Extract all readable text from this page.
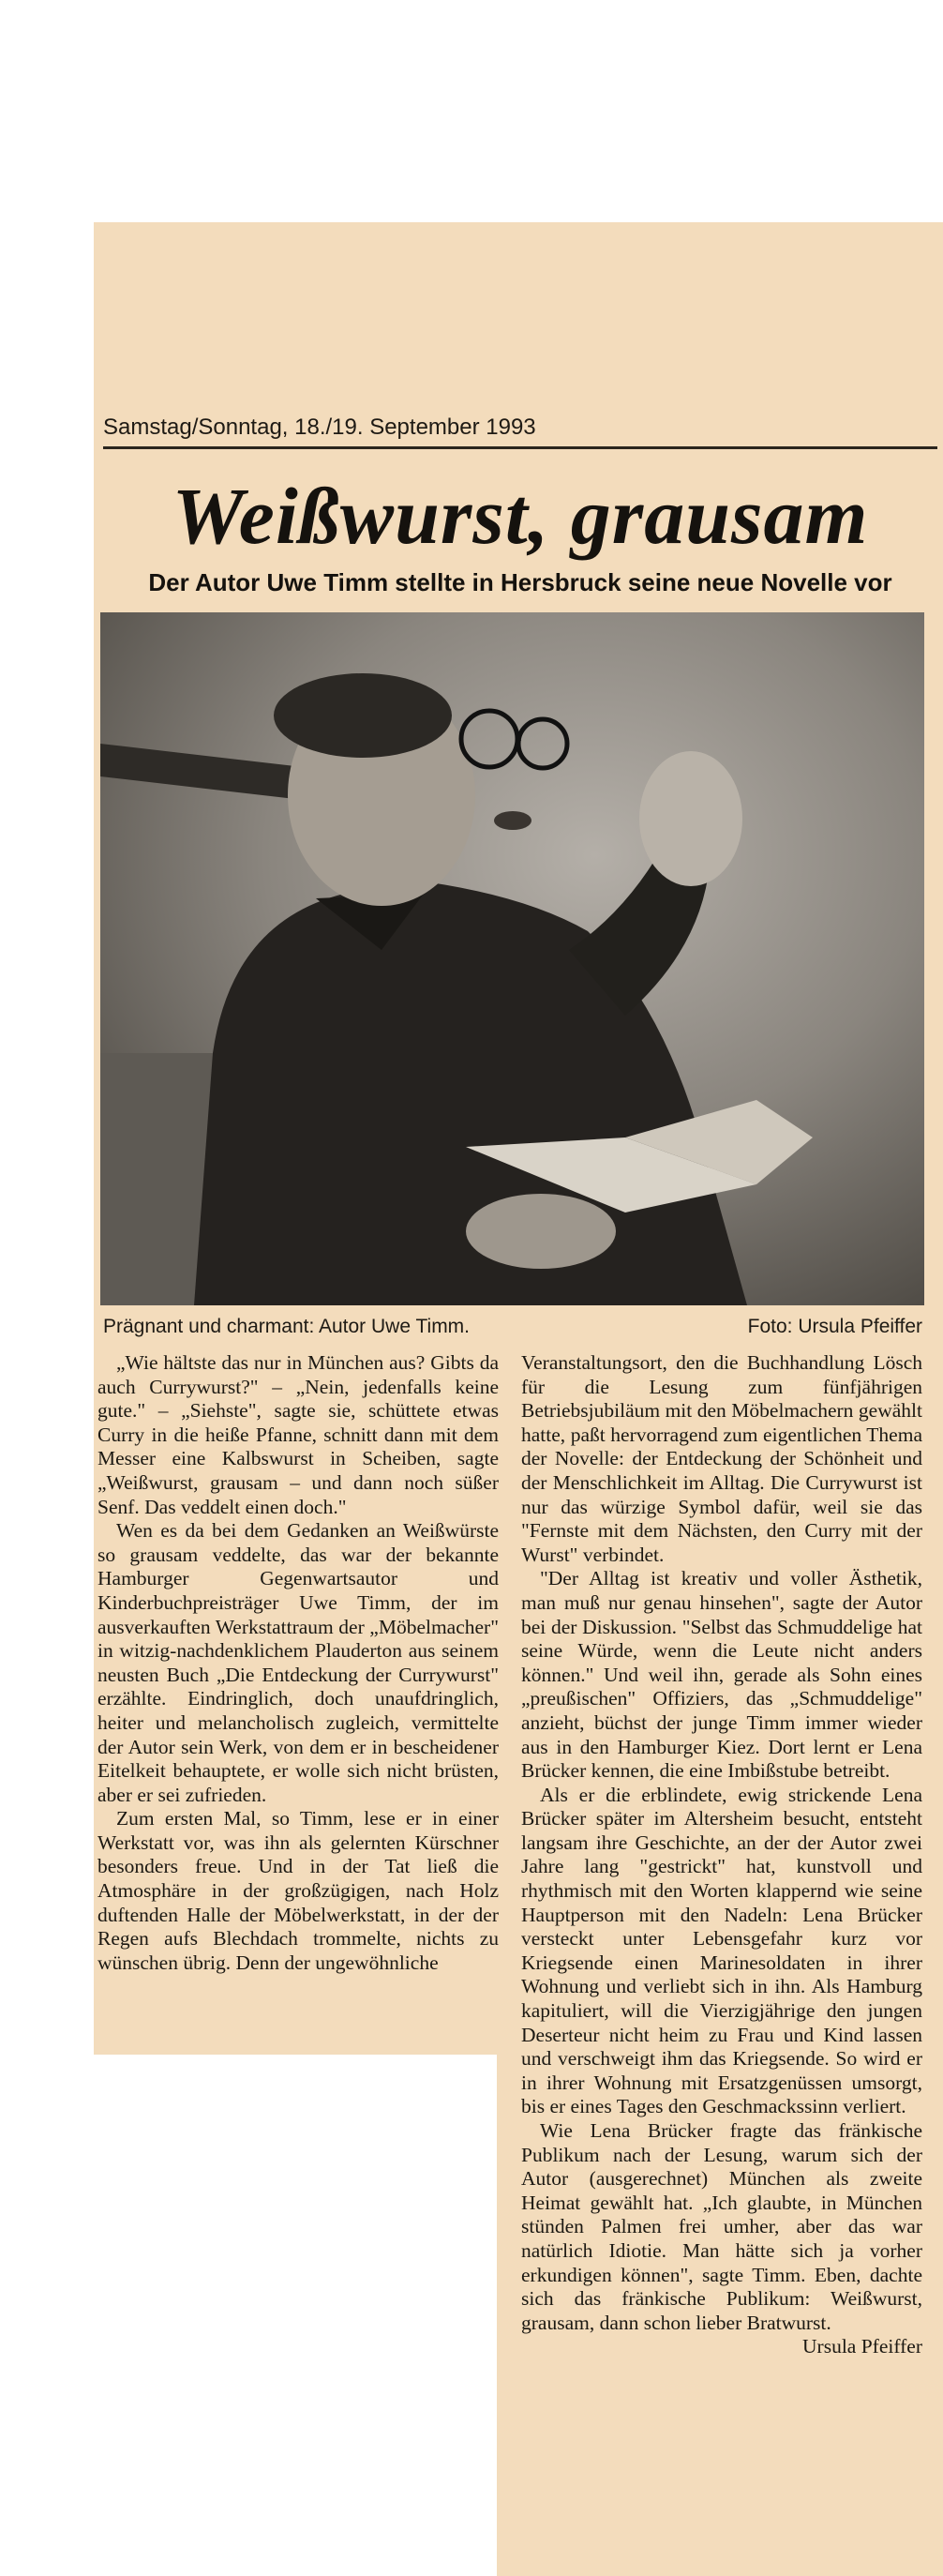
Samstag/Sonntag, 18./19. September 1993
Weißwurst, grausam
Der Autor Uwe Timm stellte in Hersbruck seine neue Novelle vor
Prägnant und charmant: Autor Uwe Timm.	Foto: Ursula Pfeiffer

„Wie hältste das nur in München aus? Gibts da auch Currywurst?" – „Nein, jedenfalls keine gute." – „Siehste", sagte sie, schüttete etwas Curry in die heiße Pfanne, schnitt dann mit dem Messer eine Kalbswurst in Scheiben, sagte „Weißwurst, grausam – und dann noch süßer Senf. Das veddelt einen doch."

Wen es da bei dem Gedanken an Weißwürste so grausam veddelte, das war der bekannte Hamburger Gegenwartsautor und Kinderbuchpreisträger Uwe Timm, der im ausverkauften Werkstattraum der „Möbelmacher" in witzig-nachdenklichem Plauderton aus seinem neusten Buch „Die Entdeckung der Currywurst" erzählte. Eindringlich, doch unaufdringlich, heiter und melancholisch zugleich, vermittelte der Autor sein Werk, von dem er in bescheidener Eitelkeit behauptete, er wolle sich nicht brüsten, aber er sei zufrieden.

Zum ersten Mal, so Timm, lese er in einer Werkstatt vor, was ihn als gelernten Kürschner besonders freue. Und in der Tat ließ die Atmosphäre in der großzügigen, nach Holz duftenden Halle der Möbelwerkstatt, in der der Regen aufs Blechdach trommelte, nichts zu wünschen übrig. Denn der ungewöhnliche

Veranstaltungsort, den die Buchhandlung Lösch für die Lesung zum fünfjährigen Betriebsjubiläum mit den Möbelmachern gewählt hatte, paßt hervorragend zum eigentlichen Thema der Novelle: der Entdeckung der Schönheit und der Menschlichkeit im Alltag. Die Currywurst ist nur das würzige Symbol dafür, weil sie das "Fernste mit dem Nächsten, den Curry mit der Wurst" verbindet.

"Der Alltag ist kreativ und voller Ästhetik, man muß nur genau hinsehen", sagte der Autor bei der Diskussion. "Selbst das Schmuddelige hat seine Würde, wenn die Leute nicht anders können." Und weil ihn, gerade als Sohn eines „preußischen" Offiziers, das „Schmuddelige" anzieht, büchst der junge Timm immer wieder aus in den Hamburger Kiez. Dort lernt er Lena Brücker kennen, die eine Imbißstube betreibt.

Als er die erblindete, ewig strickende Lena Brücker später im Altersheim besucht, entsteht langsam ihre Geschichte, an der der Autor zwei Jahre lang "gestrickt" hat, kunstvoll und rhythmisch mit den Worten klappernd wie seine Hauptperson mit den Nadeln: Lena Brücker versteckt unter Lebensgefahr kurz vor Kriegsende einen Marinesoldaten in ihrer Wohnung und verliebt sich in ihn. Als Hamburg kapituliert, will die Vierzigjährige den jungen Deserteur nicht heim zu Frau und Kind lassen und verschweigt ihm das Kriegsende. So wird er in ihrer Wohnung mit Ersatzgenüssen umsorgt, bis er eines Tages den Geschmackssinn verliert.

Wie Lena Brücker fragte das fränkische Publikum nach der Lesung, warum sich der Autor (ausgerechnet) München als zweite Heimat gewählt hat. „Ich glaubte, in München stünden Palmen frei umher, aber das war natürlich Idiotie. Man hätte sich ja vorher erkundigen können", sagte Timm. Eben, dachte sich das fränkische Publikum: Weißwurst, grausam, dann schon lieber Bratwurst.

Ursula Pfeiffer
